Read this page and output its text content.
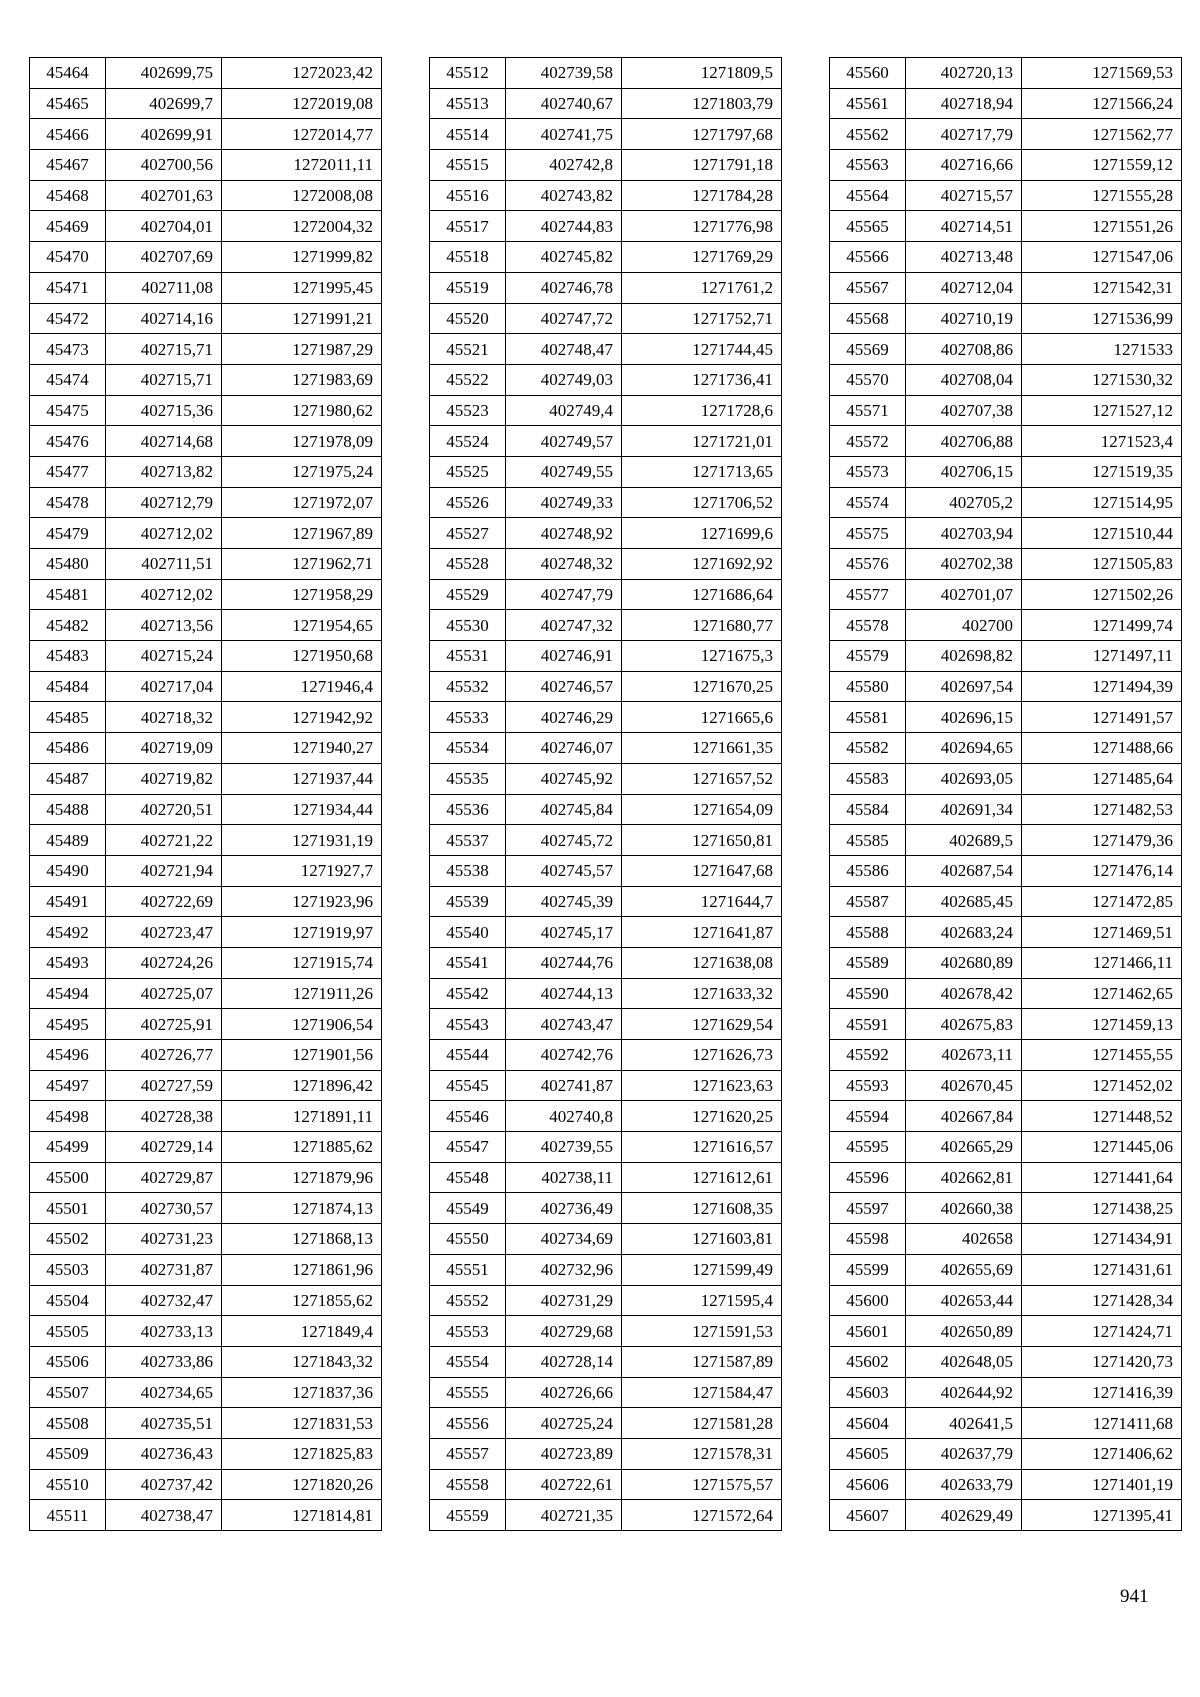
45464	402699,75	1272023,42
45465	402699,7	1272019,08
45466	402699,91	1272014,77
45467	402700,56	1272011,11
45468	402701,63	1272008,08
45469	402704,01	1272004,32
45470	402707,69	1271999,82
45471	402711,08	1271995,45
45472	402714,16	1271991,21
45473	402715,71	1271987,29
45474	402715,71	1271983,69
45475	402715,36	1271980,62
45476	402714,68	1271978,09
45477	402713,82	1271975,24
45478	402712,79	1271972,07
45479	402712,02	1271967,89
45480	402711,51	1271962,71
45481	402712,02	1271958,29
45482	402713,56	1271954,65
45483	402715,24	1271950,68
45484	402717,04	1271946,4
45485	402718,32	1271942,92
45486	402719,09	1271940,27
45487	402719,82	1271937,44
45488	402720,51	1271934,44
45489	402721,22	1271931,19
45490	402721,94	1271927,7
45491	402722,69	1271923,96
45492	402723,47	1271919,97
45493	402724,26	1271915,74
45494	402725,07	1271911,26
45495	402725,91	1271906,54
45496	402726,77	1271901,56
45497	402727,59	1271896,42
45498	402728,38	1271891,11
45499	402729,14	1271885,62
45500	402729,87	1271879,96
45501	402730,57	1271874,13
45502	402731,23	1271868,13
45503	402731,87	1271861,96
45504	402732,47	1271855,62
45505	402733,13	1271849,4
45506	402733,86	1271843,32
45507	402734,65	1271837,36
45508	402735,51	1271831,53
45509	402736,43	1271825,83
45510	402737,42	1271820,26
45511	402738,47	1271814,81
45512	402739,58	1271809,5
45513	402740,67	1271803,79
45514	402741,75	1271797,68
45515	402742,8	1271791,18
45516	402743,82	1271784,28
45517	402744,83	1271776,98
45518	402745,82	1271769,29
45519	402746,78	1271761,2
45520	402747,72	1271752,71
45521	402748,47	1271744,45
45522	402749,03	1271736,41
45523	402749,4	1271728,6
45524	402749,57	1271721,01
45525	402749,55	1271713,65
45526	402749,33	1271706,52
45527	402748,92	1271699,6
45528	402748,32	1271692,92
45529	402747,79	1271686,64
45530	402747,32	1271680,77
45531	402746,91	1271675,3
45532	402746,57	1271670,25
45533	402746,29	1271665,6
45534	402746,07	1271661,35
45535	402745,92	1271657,52
45536	402745,84	1271654,09
45537	402745,72	1271650,81
45538	402745,57	1271647,68
45539	402745,39	1271644,7
45540	402745,17	1271641,87
45541	402744,76	1271638,08
45542	402744,13	1271633,32
45543	402743,47	1271629,54
45544	402742,76	1271626,73
45545	402741,87	1271623,63
45546	402740,8	1271620,25
45547	402739,55	1271616,57
45548	402738,11	1271612,61
45549	402736,49	1271608,35
45550	402734,69	1271603,81
45551	402732,96	1271599,49
45552	402731,29	1271595,4
45553	402729,68	1271591,53
45554	402728,14	1271587,89
45555	402726,66	1271584,47
45556	402725,24	1271581,28
45557	402723,89	1271578,31
45558	402722,61	1271575,57
45559	402721,35	1271572,64
45560	402720,13	1271569,53
45561	402718,94	1271566,24
45562	402717,79	1271562,77
45563	402716,66	1271559,12
45564	402715,57	1271555,28
45565	402714,51	1271551,26
45566	402713,48	1271547,06
45567	402712,04	1271542,31
45568	402710,19	1271536,99
45569	402708,86	1271533
45570	402708,04	1271530,32
45571	402707,38	1271527,12
45572	402706,88	1271523,4
45573	402706,15	1271519,35
45574	402705,2	1271514,95
45575	402703,94	1271510,44
45576	402702,38	1271505,83
45577	402701,07	1271502,26
45578	402700	1271499,74
45579	402698,82	1271497,11
45580	402697,54	1271494,39
45581	402696,15	1271491,57
45582	402694,65	1271488,66
45583	402693,05	1271485,64
45584	402691,34	1271482,53
45585	402689,5	1271479,36
45586	402687,54	1271476,14
45587	402685,45	1271472,85
45588	402683,24	1271469,51
45589	402680,89	1271466,11
45590	402678,42	1271462,65
45591	402675,83	1271459,13
45592	402673,11	1271455,55
45593	402670,45	1271452,02
45594	402667,84	1271448,52
45595	402665,29	1271445,06
45596	402662,81	1271441,64
45597	402660,38	1271438,25
45598	402658	1271434,91
45599	402655,69	1271431,61
45600	402653,44	1271428,34
45601	402650,89	1271424,71
45602	402648,05	1271420,73
45603	402644,92	1271416,39
45604	402641,5	1271411,68
45605	402637,79	1271406,62
45606	402633,79	1271401,19
45607	402629,49	1271395,41
941
